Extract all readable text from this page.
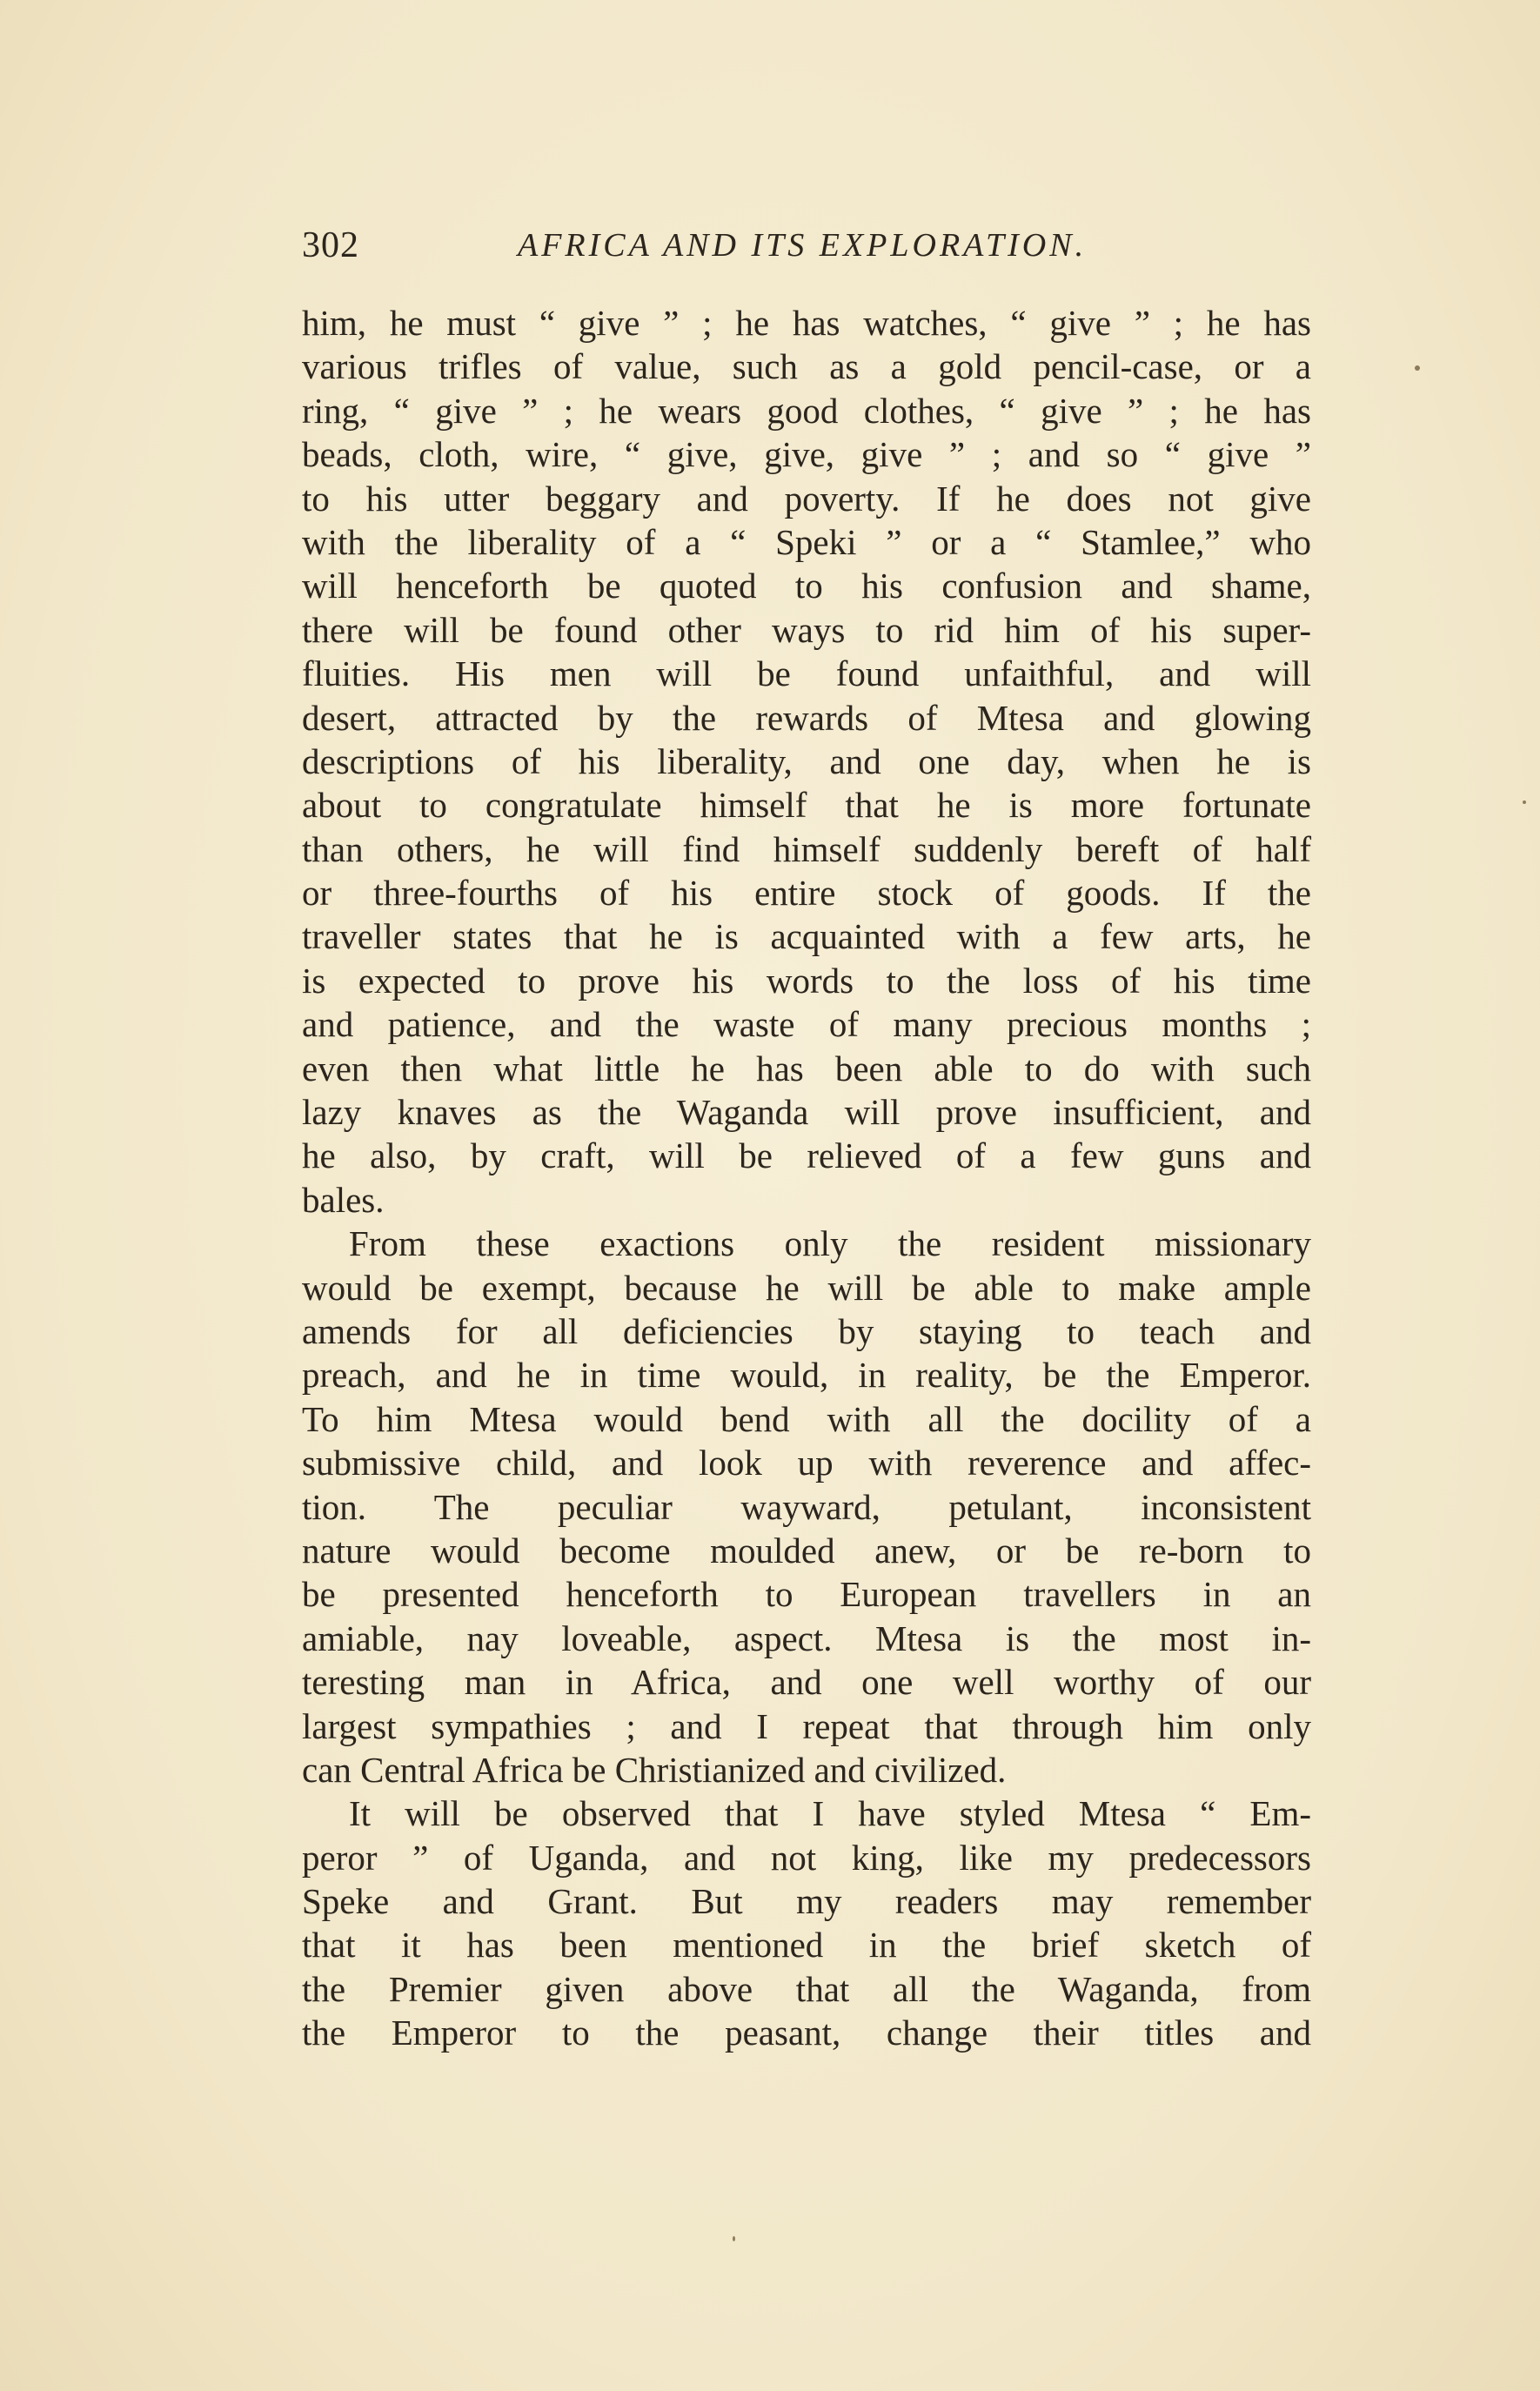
302	AFRICA AND ITS EXPLORATION.
him, he must “ give ” ; he has watches, “ give ” ; he has
various trifles of value, such as a gold pencil-case, or a
ring, “ give ” ; he wears good clothes, “ give ” ; he has
beads, cloth, wire, “ give, give, give ” ; and so “ give ”
to his utter beggary and poverty. If he does not give
with the liberality of a “ Speki ” or a “ Stamlee,” who
will henceforth be quoted to his confusion and shame,
there will be found other ways to rid him of his super-
fluities. His men will be found unfaithful, and will
desert, attracted by the rewards of Mtesa and glowing
descriptions of his liberality, and one day, when he is
about to congratulate himself that he is more fortunate
than others, he will find himself suddenly bereft of half
or three-fourths of his entire stock of goods. If the
traveller states that he is acquainted with a few arts, he
is expected to prove his words to the loss of his time
and patience, and the waste of many precious months ;
even then what little he has been able to do with such
lazy knaves as the Waganda will prove insufficient, and
he also, by craft, will be relieved of a few guns and
bales.
From these exactions only the resident missionary
would be exempt, because he will be able to make ample
amends for all deficiencies by staying to teach and
preach, and he in time would, in reality, be the Emperor.
To him Mtesa would bend with all the docility of a
submissive child, and look up with reverence and affec-
tion. The peculiar wayward, petulant, inconsistent
nature would become moulded anew, or be re-born to
be presented henceforth to European travellers in an
amiable, nay loveable, aspect. Mtesa is the most in-
teresting man in Africa, and one well worthy of our
largest sympathies ; and I repeat that through him only
can Central Africa be Christianized and civilized.
It will be observed that I have styled Mtesa “ Em-
peror ” of Uganda, and not king, like my predecessors
Speke and Grant. But my readers may remember
that it has been mentioned in the brief sketch of
the Premier given above that all the Waganda, from
the Emperor to the peasant, change their titles and
